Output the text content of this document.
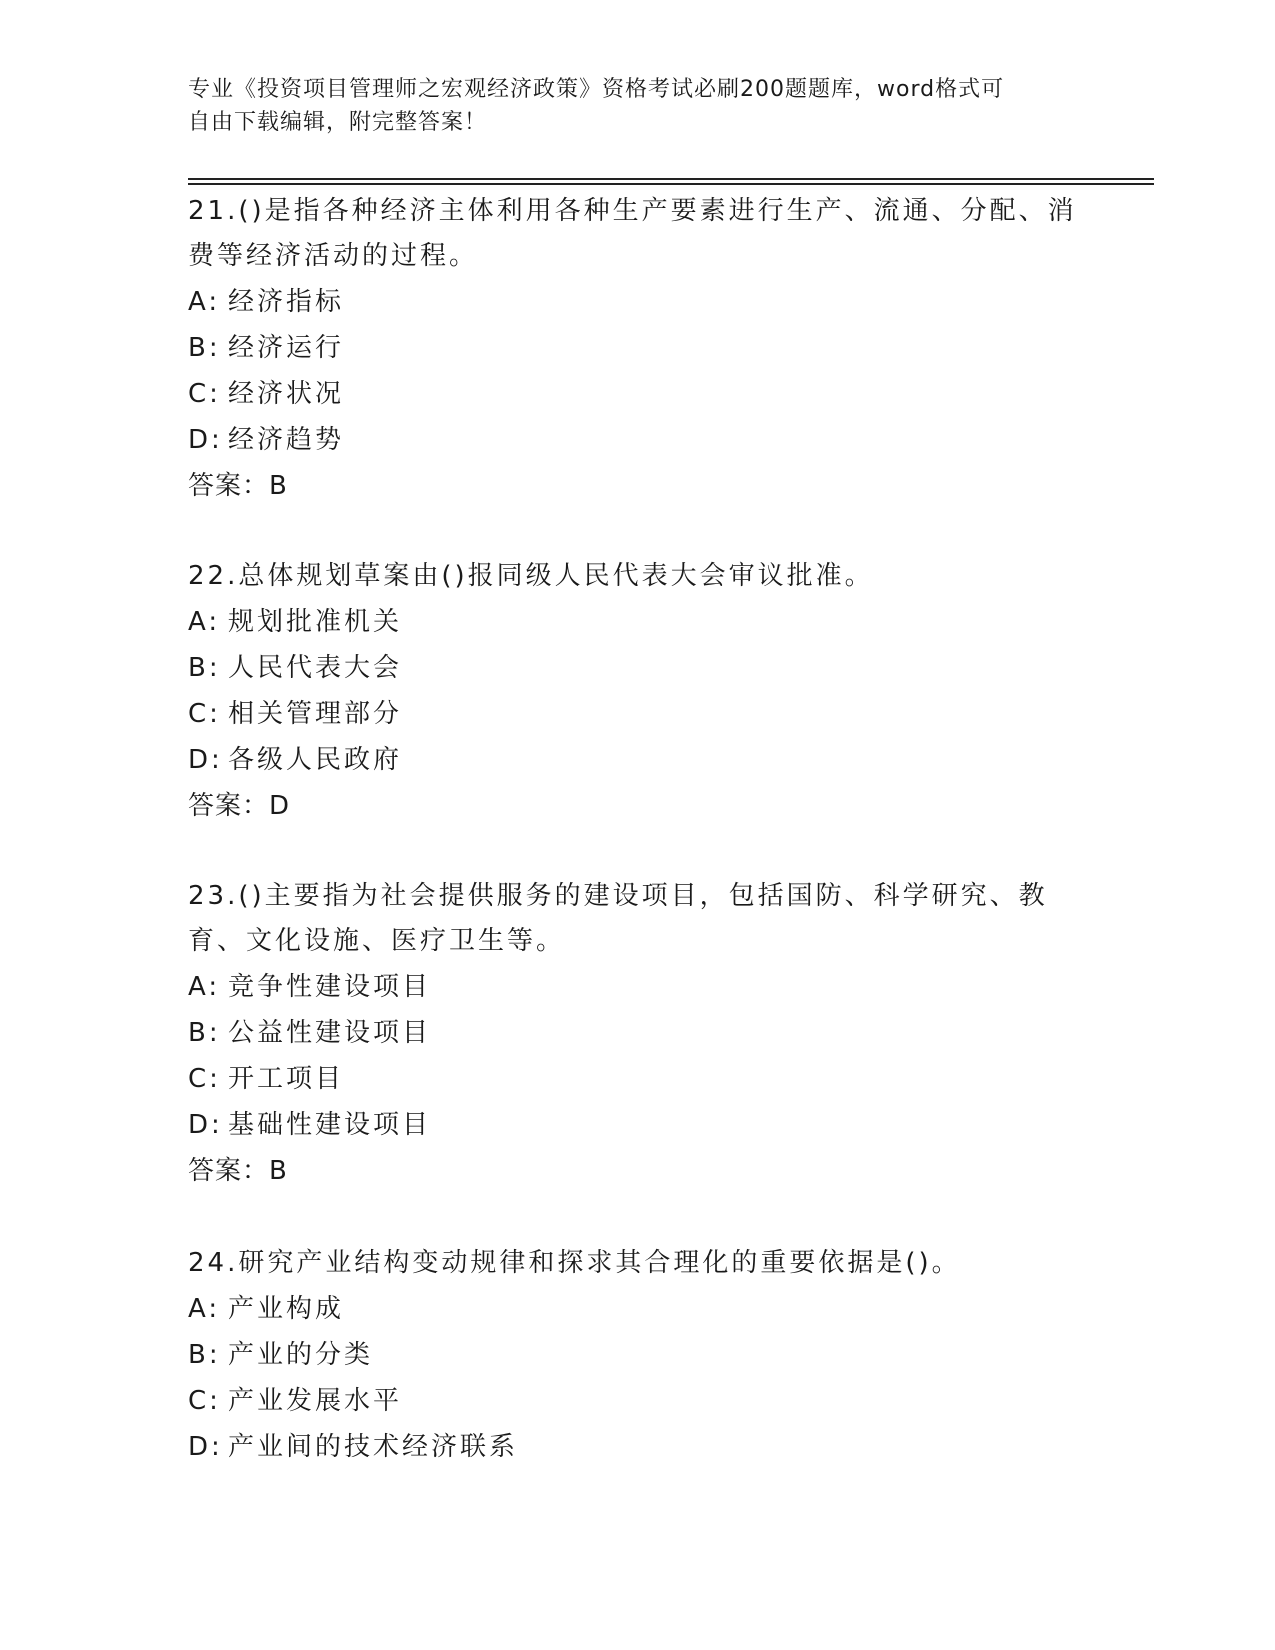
专业《投资项目管理师之宏观经济政策》资格考试必刷200题题库，word格式可
自由下载编辑，附完整答案！

21.()是指各种经济主体利用各种生产要素进行生产、流通、分配、消费等经济活动的过程。

A: 经济指标

B: 经济运行

C: 经济状况

D: 经济趋势

答案：B

22.总体规划草案由()报同级人民代表大会审议批准。

A: 规划批准机关

B: 人民代表大会

C: 相关管理部分

D: 各级人民政府

答案：D

23.()主要指为社会提供服务的建设项目，包括国防、科学研究、教育、文化设施、医疗卫生等。

A: 竞争性建设项目

B: 公益性建设项目

C: 开工项目

D: 基础性建设项目

答案：B

24.研究产业结构变动规律和探求其合理化的重要依据是()。

A: 产业构成

B: 产业的分类

C: 产业发展水平

D: 产业间的技术经济联系
